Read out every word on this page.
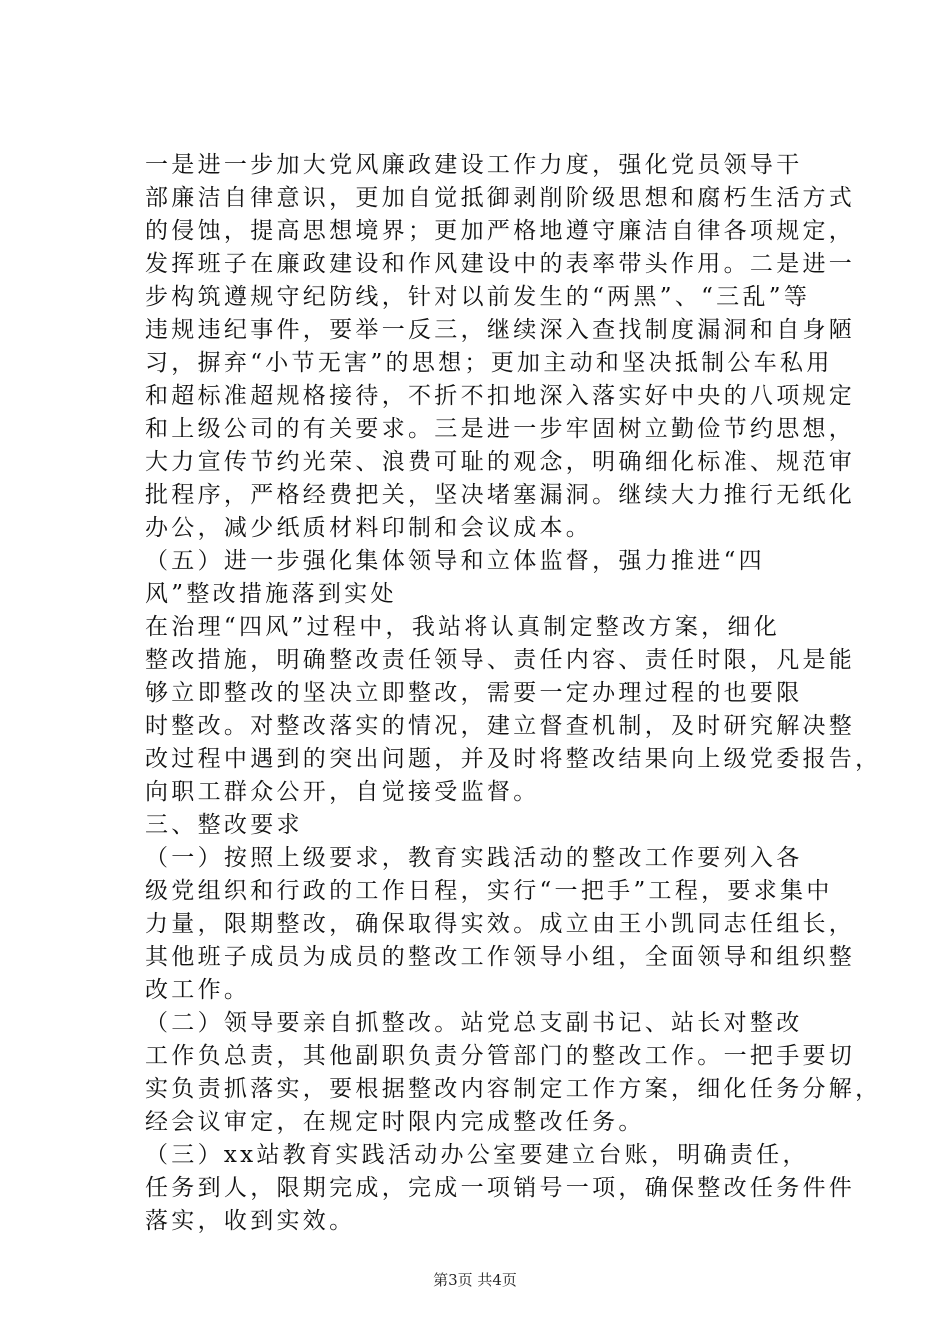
一是进一步加大党风廉政建设工作力度，强化党员领导干
部廉洁自律意识，更加自觉抵御剥削阶级思想和腐朽生活方式
的侵蚀，提高思想境界；更加严格地遵守廉洁自律各项规定，
发挥班子在廉政建设和作风建设中的表率带头作用。二是进一
步构筑遵规守纪防线，针对以前发生的“两黑”、“三乱”等
违规违纪事件，要举一反三，继续深入查找制度漏洞和自身陋
习，摒弃“小节无害”的思想；更加主动和坚决抵制公车私用
和超标准超规格接待，不折不扣地深入落实好中央的八项规定
和上级公司的有关要求。三是进一步牢固树立勤俭节约思想，
大力宣传节约光荣、浪费可耻的观念，明确细化标准、规范审
批程序，严格经费把关，坚决堵塞漏洞。继续大力推行无纸化
办公，减少纸质材料印制和会议成本。
（五）进一步强化集体领导和立体监督，强力推进“四
风”整改措施落到实处
在治理“四风”过程中，我站将认真制定整改方案，细化
整改措施，明确整改责任领导、责任内容、责任时限，凡是能
够立即整改的坚决立即整改，需要一定办理过程的也要限
时整改。对整改落实的情况，建立督查机制，及时研究解决整
改过程中遇到的突出问题，并及时将整改结果向上级党委报告，
向职工群众公开，自觉接受监督。
三、整改要求
（一）按照上级要求，教育实践活动的整改工作要列入各
级党组织和行政的工作日程，实行“一把手”工程，要求集中
力量，限期整改，确保取得实效。成立由王小凯同志任组长，
其他班子成员为成员的整改工作领导小组，全面领导和组织整
改工作。
（二）领导要亲自抓整改。站党总支副书记、站长对整改
工作负总责，其他副职负责分管部门的整改工作。一把手要切
实负责抓落实，要根据整改内容制定工作方案，细化任务分解，
经会议审定，在规定时限内完成整改任务。
（三）xx站教育实践活动办公室要建立台账，明确责任，
任务到人，限期完成，完成一项销号一项，确保整改任务件件
落实，收到实效。
第3页 共4页
